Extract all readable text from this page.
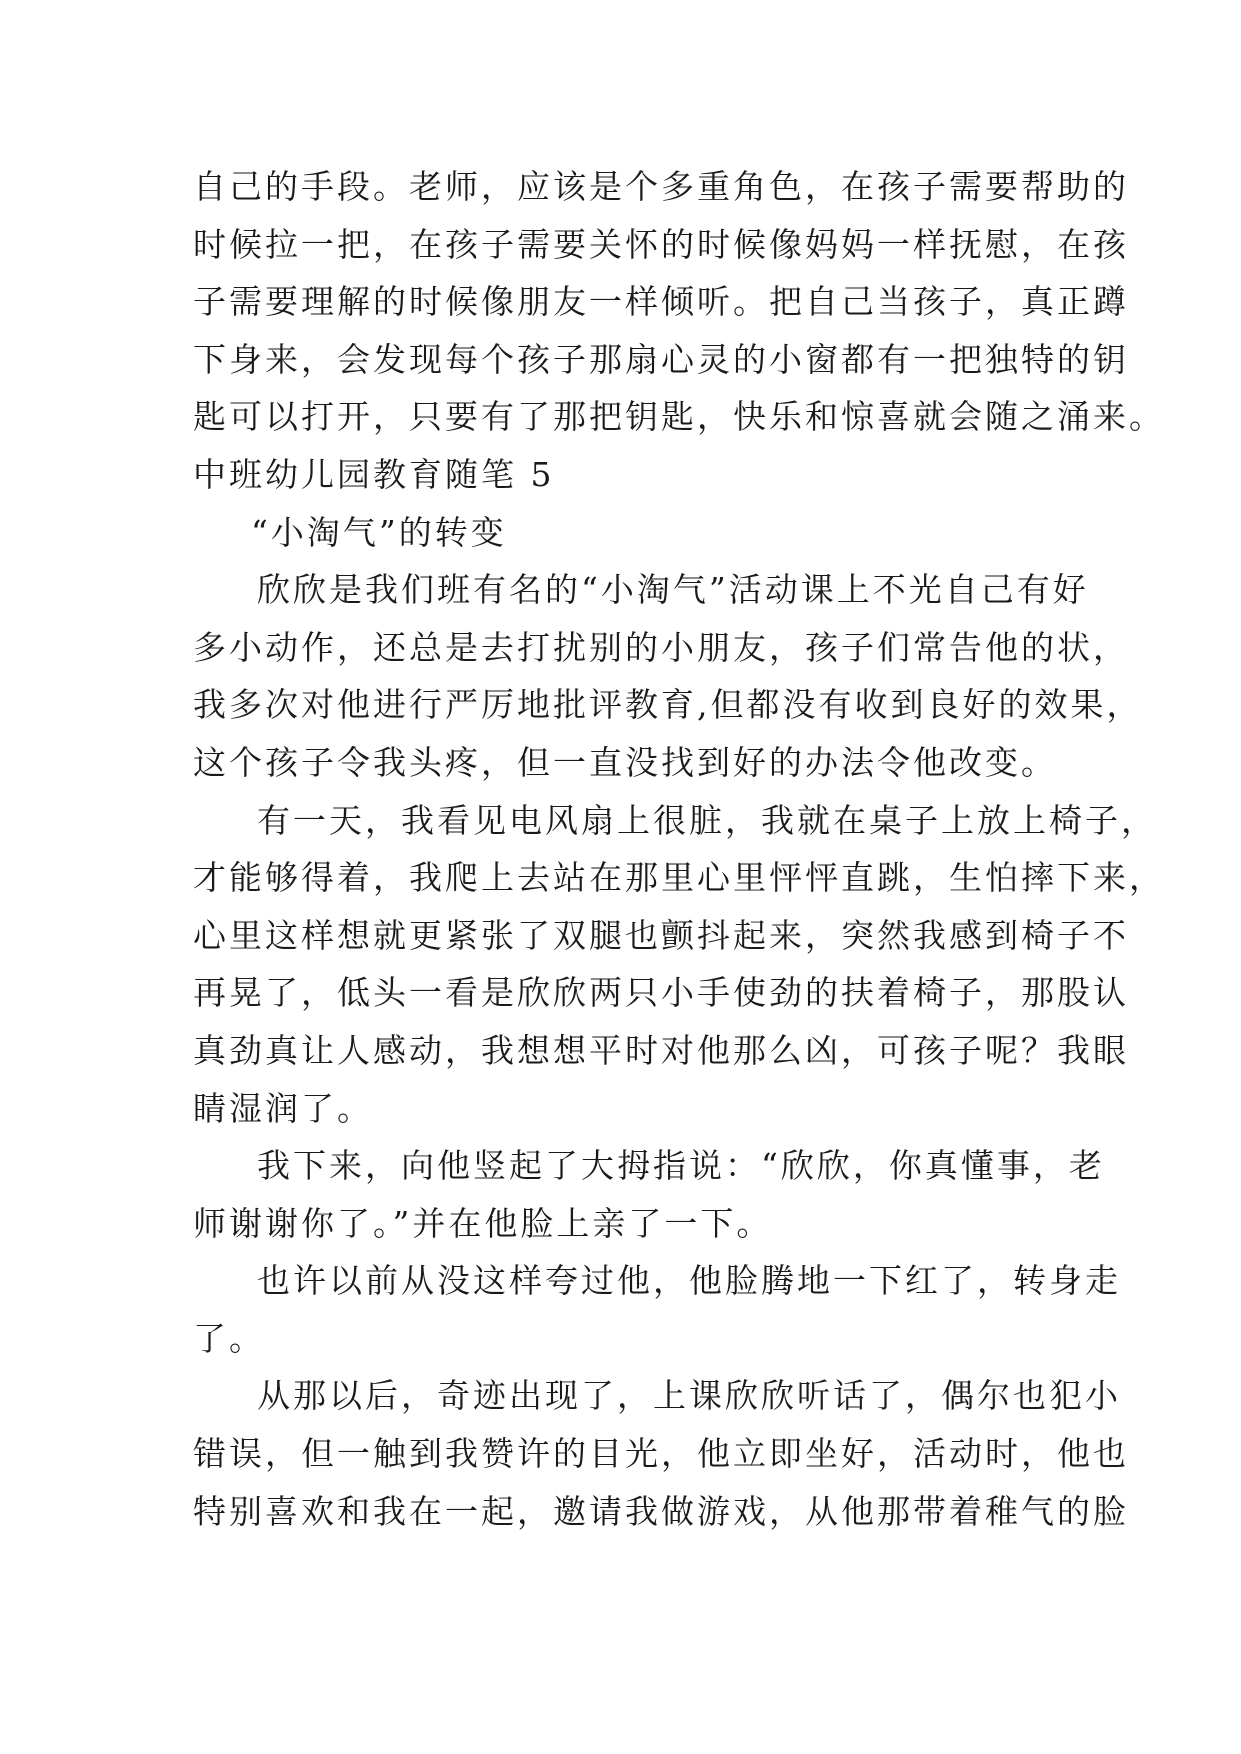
自己的手段。老师，应该是个多重角色，在孩子需要帮助的
时候拉一把，在孩子需要关怀的时候像妈妈一样抚慰，在孩
子需要理解的时候像朋友一样倾听。把自己当孩子，真正蹲
下身来，会发现每个孩子那扇心灵的小窗都有一把独特的钥
匙可以打开，只要有了那把钥匙，快乐和惊喜就会随之涌来。
中班幼儿园教育随笔 5
“小淘气”的转变
欣欣是我们班有名的“小淘气”活动课上不光自己有好
多小动作，还总是去打扰别的小朋友，孩子们常告他的状，
我多次对他进行严厉地批评教育,但都没有收到良好的效果，
这个孩子令我头疼，但一直没找到好的办法令他改变。
有一天，我看见电风扇上很脏，我就在桌子上放上椅子，
才能够得着，我爬上去站在那里心里怦怦直跳，生怕摔下来，
心里这样想就更紧张了双腿也颤抖起来，突然我感到椅子不
再晃了，低头一看是欣欣两只小手使劲的扶着椅子，那股认
真劲真让人感动，我想想平时对他那么凶，可孩子呢？我眼
睛湿润了。
我下来，向他竖起了大拇指说：“欣欣，你真懂事，老
师谢谢你了。”并在他脸上亲了一下。
也许以前从没这样夸过他，他脸腾地一下红了，转身走
了。
从那以后，奇迹出现了，上课欣欣听话了，偶尔也犯小
错误，但一触到我赞许的目光，他立即坐好，活动时，他也
特别喜欢和我在一起，邀请我做游戏，从他那带着稚气的脸
